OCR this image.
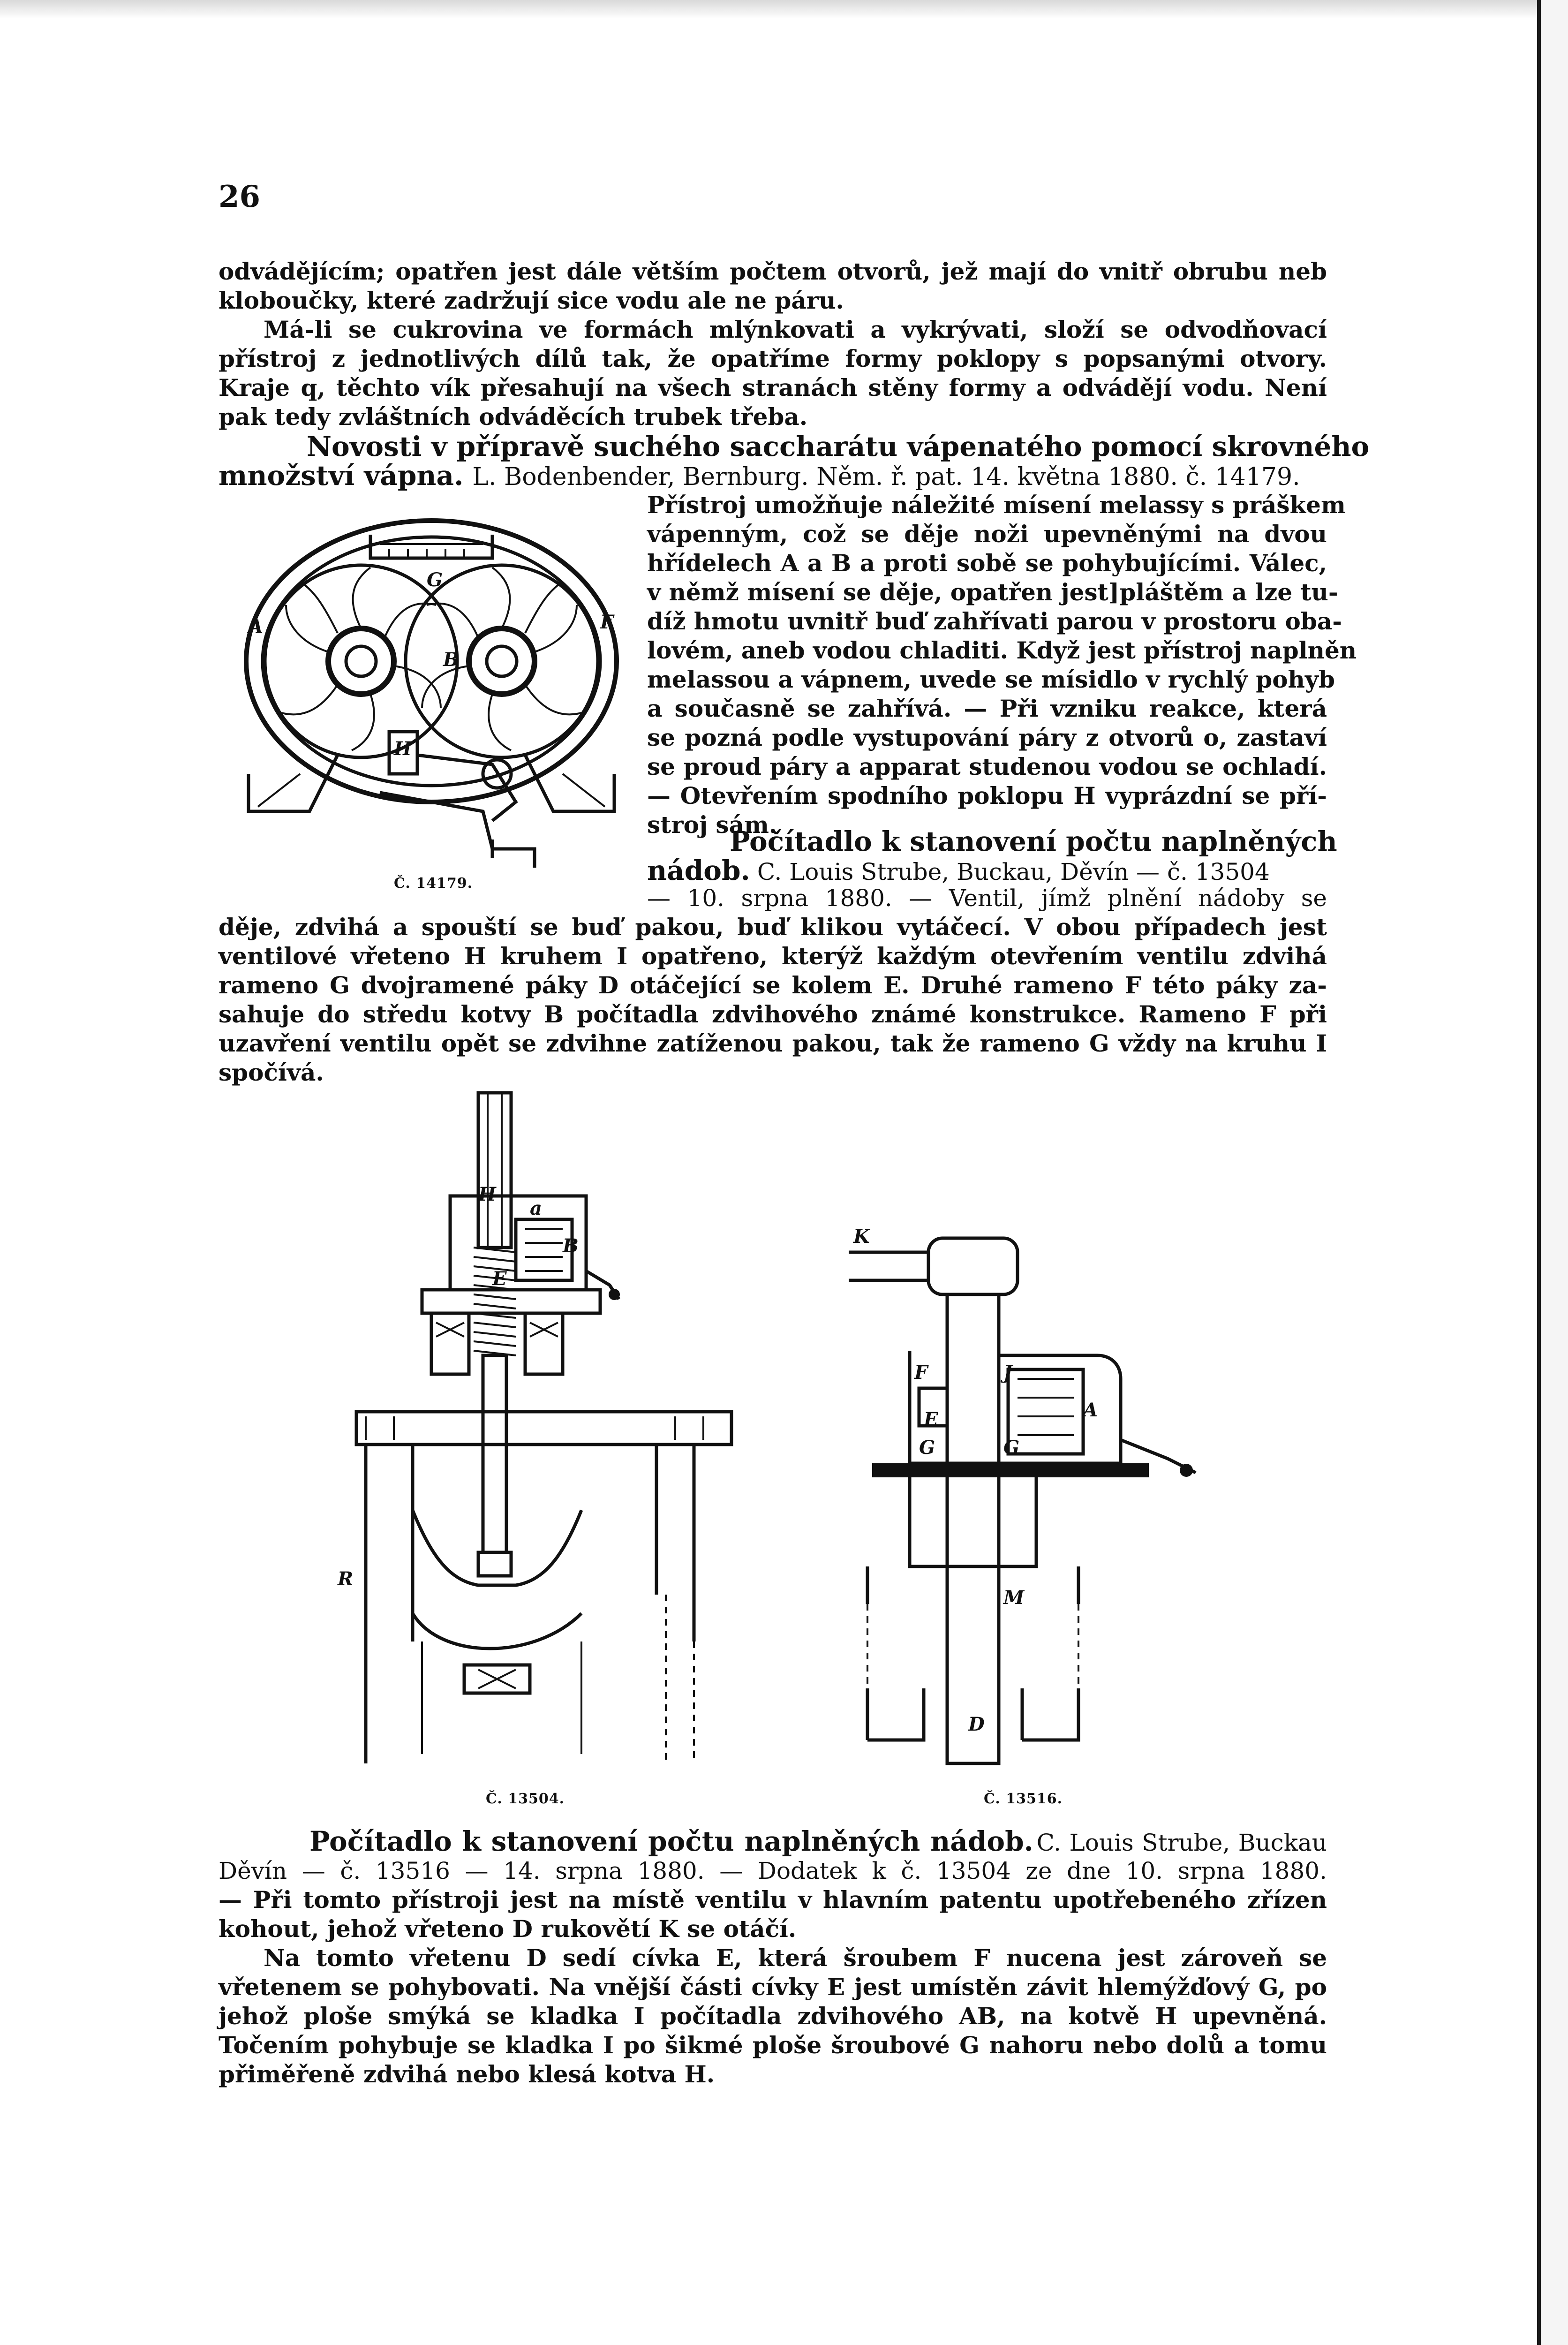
26
odvádějícím; opatřen jest dále větším počtem otvorů, jež mají do vnitř obrubu neb
kloboučky, které zadržují sice vodu ale ne páru.
Má-li se cukrovina ve formách mlýnkovati a vykrývati, složí se odvodňovací
přístroj z jednotlivých dílů tak, že opatříme formy poklopy s popsanými otvory.
Kraje q, těchto vík přesahují na všech stranách stěny formy a odvádějí vodu. Není
pak tedy zvláštních odváděcích trubek třeba.
Novosti v přípravě suchého saccharátu vápenatého pomocí skrovného
množství vápna. L. Bodenbender, Bernburg. Něm. ř. pat. 14. května 1880. č. 14179.
Přístroj umožňuje náležité mísení melassy s práškem
vápenným, což se děje noži upevněnými na dvou
hřídelech A a B a proti sobě se pohybujícími. Válec,
v němž mísení se děje, opatřen jest]pláštěm a lze tu-
díž hmotu uvnitř buď zahřívati parou v prostoru oba-
lovém, aneb vodou chladiti. Když jest přístroj naplněn
melassou a vápnem, uvede se mísidlo v rychlý pohyb
a současně se zahřívá. — Při vzniku reakce, která
se pozná podle vystupování páry z otvorů o, zastaví
se proud páry a apparat studenou vodou se ochladí.
— Otevřením spodního poklopu H vyprázdní se pří-
stroj sám.
A
B
F
H
G
Č. 14179.
Počítadlo k stanovení počtu naplněných
nádob. C. Louis Strube, Buckau, Děvín — č. 13504
— 10. srpna 1880. — Ventil, jímž plnění nádoby se
děje, zdvihá a spouští se buď pakou, buď klikou vytáčecí. V obou případech jest
ventilové vřeteno H kruhem I opatřeno, kterýž každým otevřením ventilu zdvihá
rameno G dvojramené páky D otáčející se kolem E. Druhé rameno F této páky za-
sahuje do středu kotvy B počítadla zdvihového známé konstrukce. Rameno F při
uzavření ventilu opět se zdvihne zatíženou pakou, tak že rameno G vždy na kruhu I
spočívá.
H
a
B
E
R
Č. 13504.
K
J
F
A
E
G	G
M
D
Č. 13516.
Počítadlo k stanovení počtu naplněných nádob. C. Louis Strube, Buckau
Děvín — č. 13516 — 14. srpna 1880. — Dodatek k č. 13504 ze dne 10. srpna 1880.
— Při tomto přístroji jest na místě ventilu v hlavním patentu upotřebeného zřízen
kohout, jehož vřeteno D rukovětí K se otáčí.
Na tomto vřetenu D sedí cívka E, která šroubem F nucena jest zároveň se
vřetenem se pohybovati. Na vnější části cívky E jest umístěn závit hlemýžďový G, po
jehož ploše smýká se kladka I počítadla zdvihového AB, na kotvě H upevněná.
Točením pohybuje se kladka I po šikmé ploše šroubové G nahoru nebo dolů a tomu
přiměřeně zdvihá nebo klesá kotva H.
